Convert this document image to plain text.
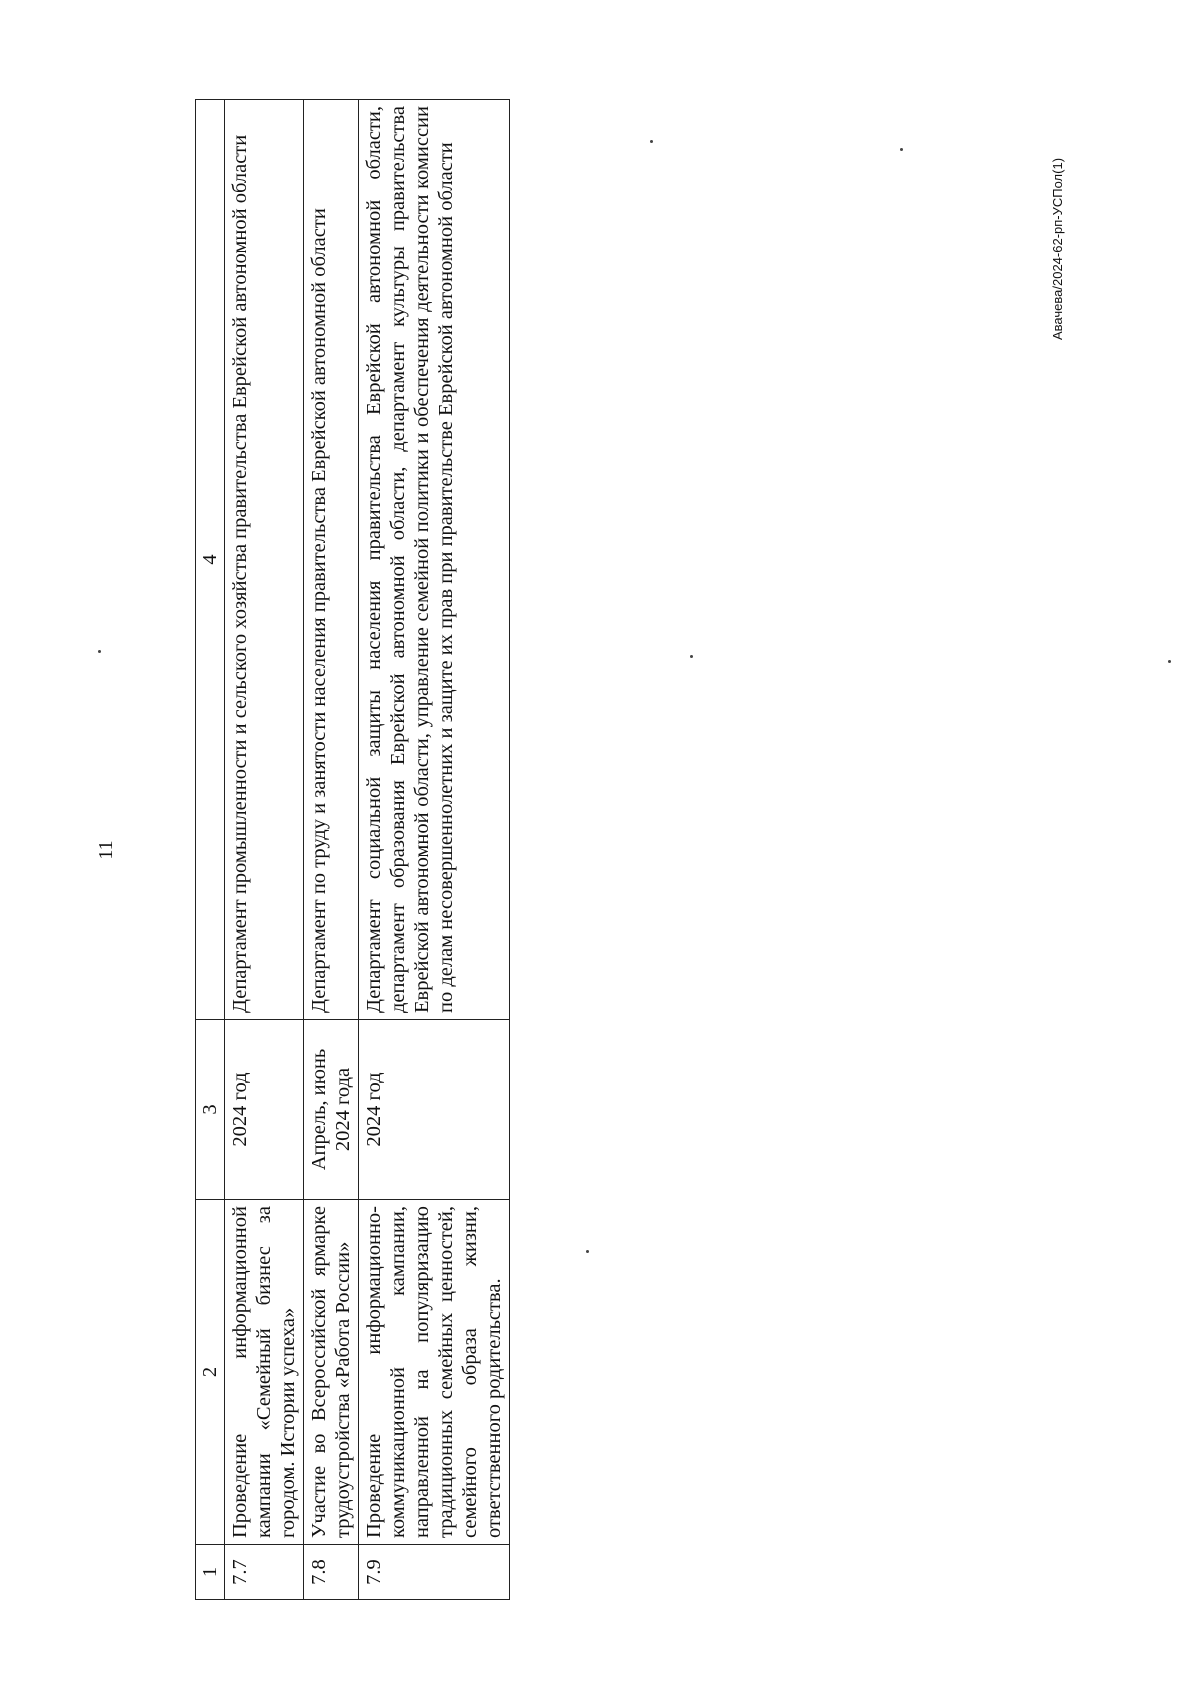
11
1	2	3	4
7.7	Проведение информационной кампании «Семейный бизнес за городом. Истории успеха»	2024 год	Департамент промышленности и сельского хозяйства правительства Еврейской автономной области
7.8	Участие во Всероссийской ярмарке трудоустройства «Работа России»	Апрель, июнь 2024 года	Департамент по труду и занятости населения правительства Еврейской автономной области
7.9	Проведение информационно-коммуникационной кампании, направленной на популяризацию традиционных семейных ценностей, семейного образа жизни, ответственного родительства.	2024 год	Департамент социальной защиты населения правительства Еврейской автономной области, департамент образования Еврейской автономной области, департамент культуры правительства Еврейской автономной области, управление семейной политики и обеспечения деятельности комиссии по делам несовершеннолетних и защите их прав при правительстве Еврейской автономной области	Авачева/2024-62-рп-УСПол(1)
